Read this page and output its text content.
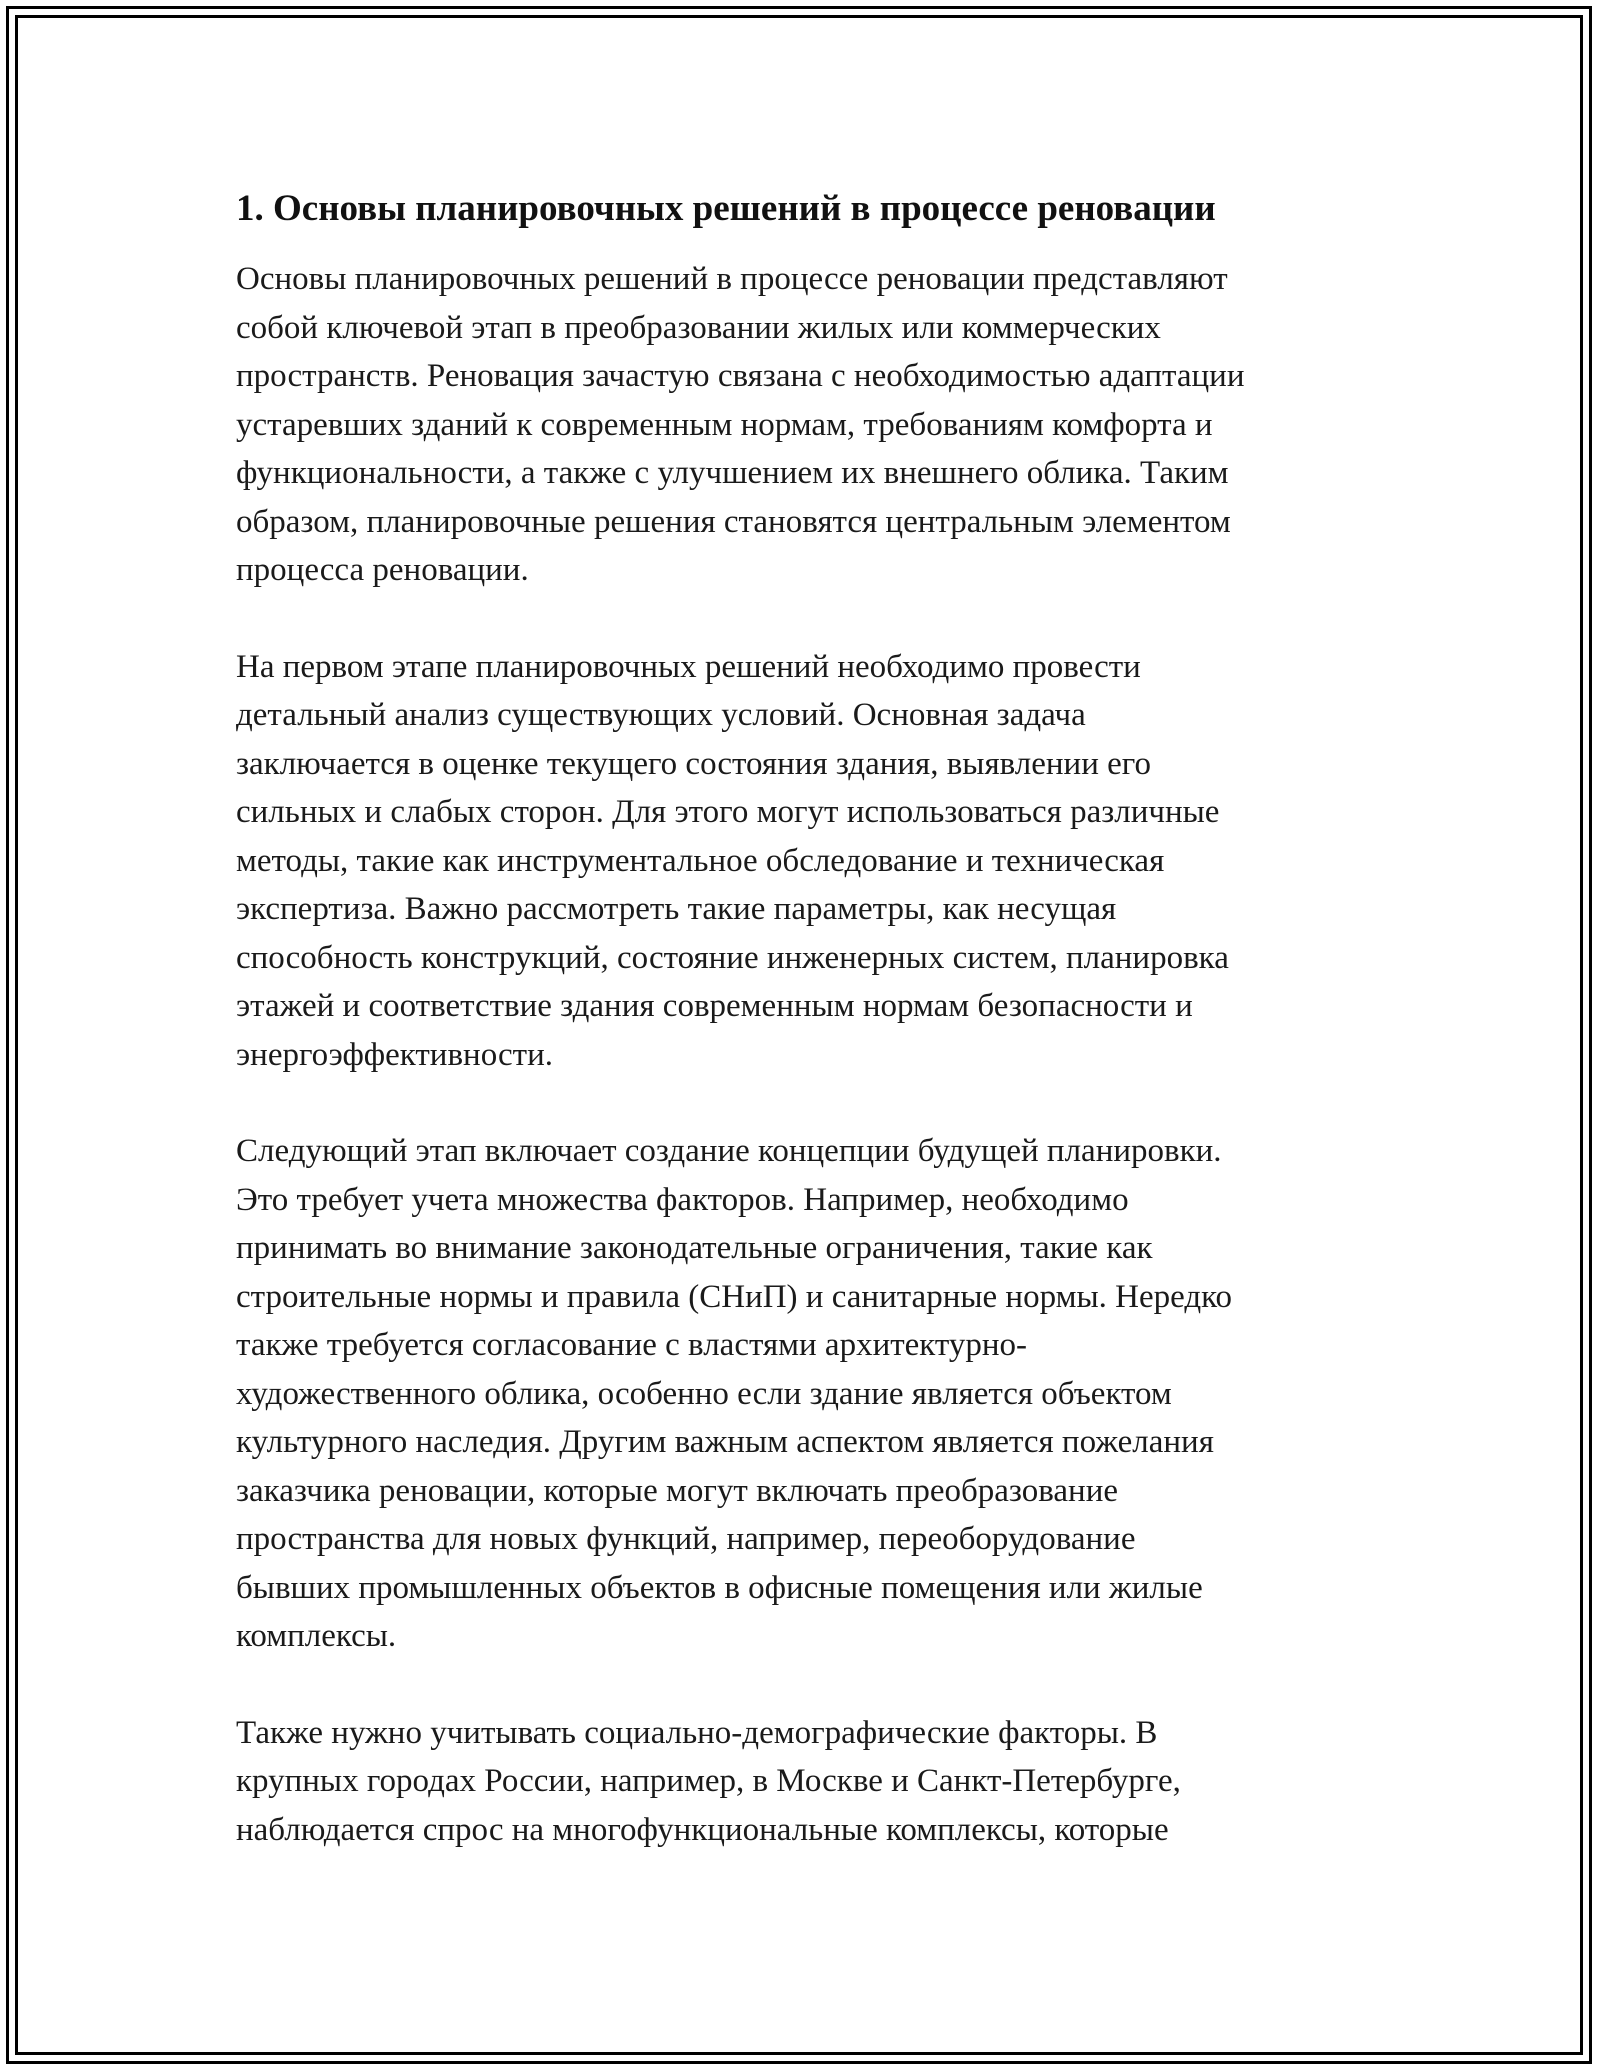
1. Основы планировочных решений в процессе реновации

Основы планировочных решений в процессе реновации представляют
собой ключевой этап в преобразовании жилых или коммерческих
пространств. Реновация зачастую связана с необходимостью адаптации
устаревших зданий к современным нормам, требованиям комфорта и
функциональности, а также с улучшением их внешнего облика. Таким
образом, планировочные решения становятся центральным элементом
процесса реновации.

На первом этапе планировочных решений необходимо провести
детальный анализ существующих условий. Основная задача
заключается в оценке текущего состояния здания, выявлении его
сильных и слабых сторон. Для этого могут использоваться различные
методы, такие как инструментальное обследование и техническая
экспертиза. Важно рассмотреть такие параметры, как несущая
способность конструкций, состояние инженерных систем, планировка
этажей и соответствие здания современным нормам безопасности и
энергоэффективности.

Следующий этап включает создание концепции будущей планировки.
Это требует учета множества факторов. Например, необходимо
принимать во внимание законодательные ограничения, такие как
строительные нормы и правила (СНиП) и санитарные нормы. Нередко
также требуется согласование с властями архитектурно-
художественного облика, особенно если здание является объектом
культурного наследия. Другим важным аспектом является пожелания
заказчика реновации, которые могут включать преобразование
пространства для новых функций, например, переоборудование
бывших промышленных объектов в офисные помещения или жилые
комплексы.

Также нужно учитывать социально-демографические факторы. В
крупных городах России, например, в Москве и Санкт-Петербурге,
наблюдается спрос на многофункциональные комплексы, которые
